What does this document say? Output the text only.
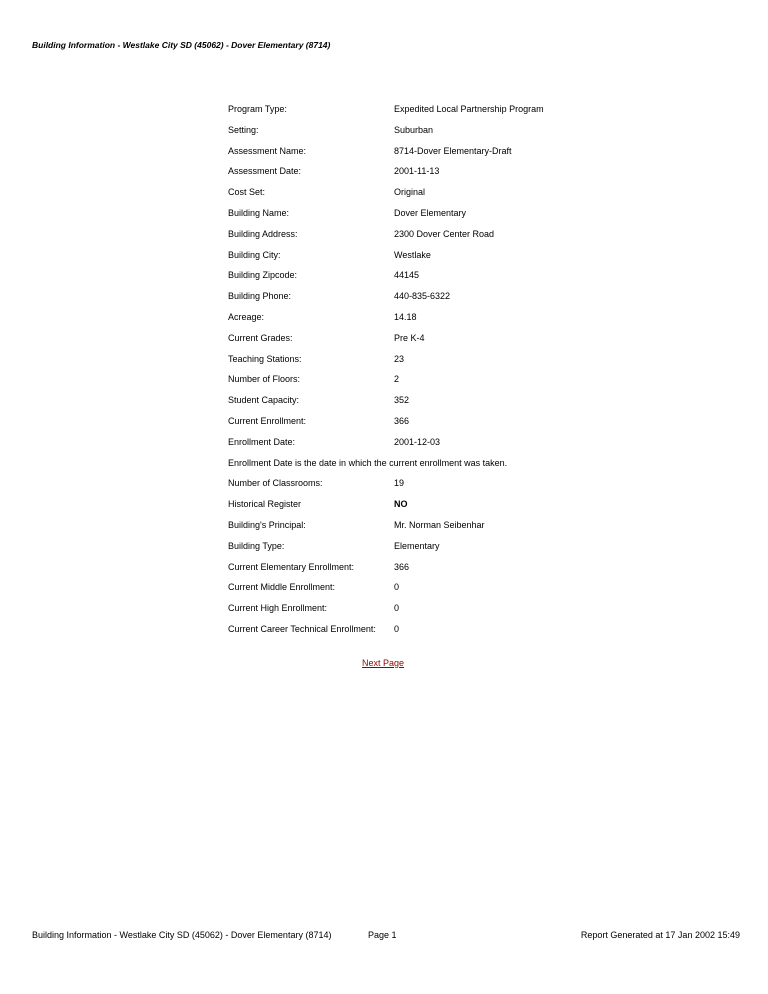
Building Information - Westlake City SD (45062) - Dover Elementary (8714)
Program Type:	Expedited Local Partnership Program
Setting:	Suburban
Assessment Name:	8714-Dover Elementary-Draft
Assessment Date:	2001-11-13
Cost Set:	Original
Building Name:	Dover Elementary
Building Address:	2300 Dover Center Road
Building City:	Westlake
Building Zipcode:	44145
Building Phone:	440-835-6322
Acreage:	14.18
Current Grades:	Pre K-4
Teaching Stations:	23
Number of Floors:	2
Student Capacity:	352
Current Enrollment:	366
Enrollment Date:	2001-12-03
Enrollment Date is the date in which the current enrollment was taken.
Number of Classrooms:	19
Historical Register	NO
Building's Principal:	Mr. Norman Seibenhar
Building Type:	Elementary
Current Elementary Enrollment:	366
Current Middle Enrollment:	0
Current High Enrollment:	0
Current Career Technical Enrollment: 0
Next Page
Building Information - Westlake City SD (45062) - Dover Elementary (8714)	Page 1	Report Generated at 17 Jan 2002 15:49
